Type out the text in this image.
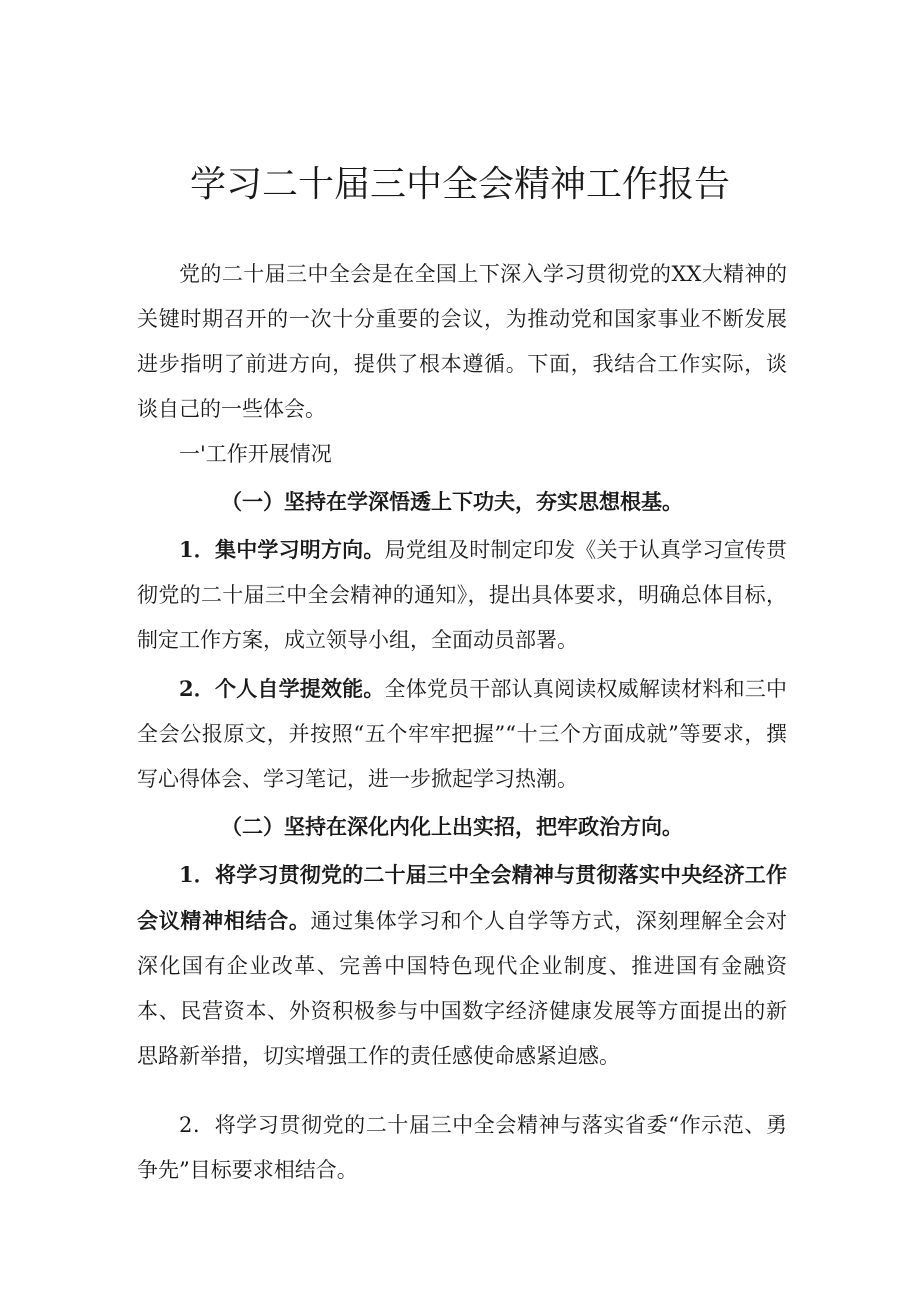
学习二十届三中全会精神工作报告

党的二十届三中全会是在全国上下深入学习贯彻党的XX大精神的关键时期召开的一次十分重要的会议，为推动党和国家事业不断发展进步指明了前进方向，提供了根本遵循。下面，我结合工作实际，谈谈自己的一些体会。

一'工作开展情况

（一）坚持在学深悟透上下功夫，夯实思想根基。

1．集中学习明方向。局党组及时制定印发《关于认真学习宣传贯彻党的二十届三中全会精神的通知》，提出具体要求，明确总体目标，制定工作方案，成立领导小组，全面动员部署。

2．个人自学提效能。全体党员干部认真阅读权威解读材料和三中全会公报原文，并按照“五个牢牢把握”“十三个方面成就”等要求，撰写心得体会、学习笔记，进一步掀起学习热潮。

（二）坚持在深化内化上出实招，把牢政治方向。

1．将学习贯彻党的二十届三中全会精神与贯彻落实中央经济工作会议精神相结合。通过集体学习和个人自学等方式，深刻理解全会对深化国有企业改革、完善中国特色现代企业制度、推进国有金融资本、民营资本、外资积极参与中国数字经济健康发展等方面提出的新思路新举措，切实增强工作的责任感使命感紧迫感。

2．将学习贯彻党的二十届三中全会精神与落实省委“作示范、勇争先”目标要求相结合。
